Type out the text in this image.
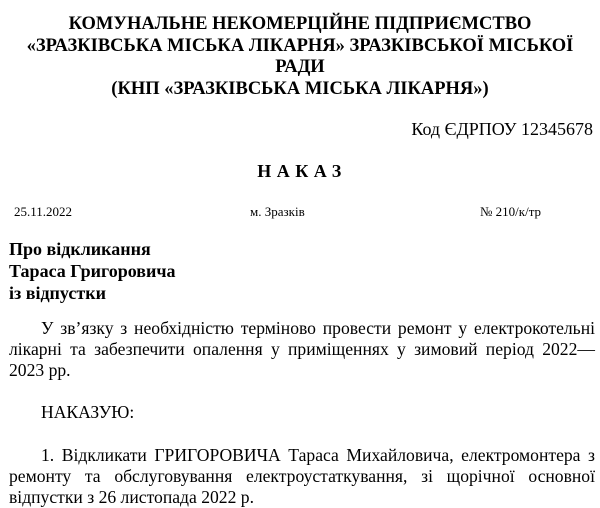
КОМУНАЛЬНЕ НЕКОМЕРЦІЙНЕ ПІДПРИЄМСТВО
«ЗРАЗКІВСЬКА МІСЬКА ЛІКАРНЯ» ЗРАЗКІВСЬКОЇ МІСЬКОЇ
РАДИ
(КНП «ЗРАЗКІВСЬКА МІСЬКА ЛІКАРНЯ»)
Код ЄДРПОУ 12345678
НАКАЗ
25.11.2022	м. Зразків	№ 210/к/тр
Про відкликання
Тараса Григоровича
із відпустки
У зв’язку з необхідністю терміново провести ремонт у електрокотельні лікарні та забезпечити опалення у приміщеннях у зимовий період 2022—2023 рр.
НАКАЗУЮ:
1. Відкликати ГРИГОРОВИЧА Тараса Михайловича, електромонтера з ремонту та обслуговування електроустаткування, зі щорічної основної відпустки з 26 листопада 2022 р.
